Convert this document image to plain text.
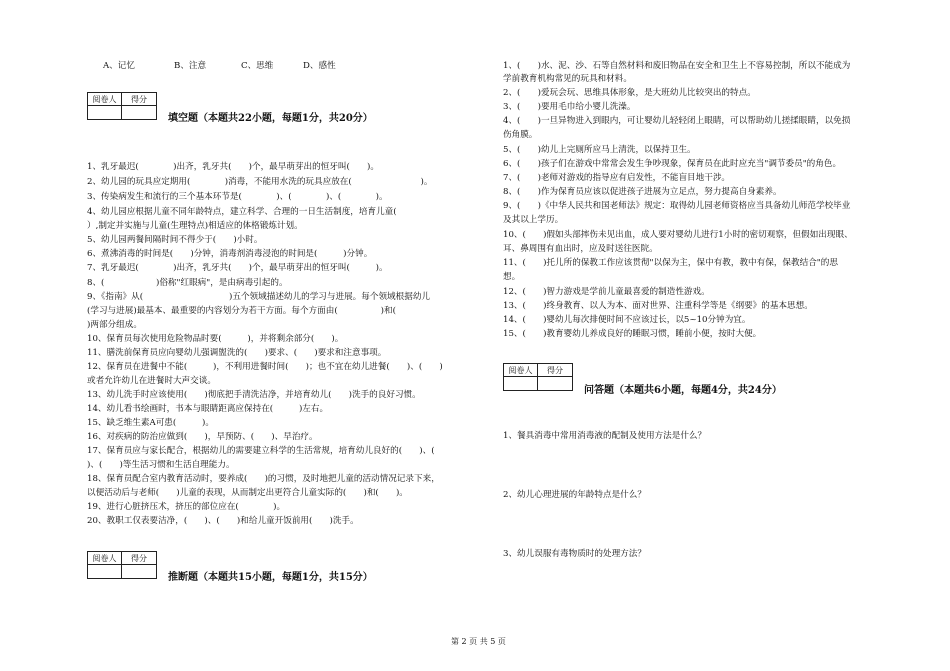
A、记忆	B、注意	C、思维	D、感性
阅卷人	得分
填空题（本题共22小题，每题1分，共20分）
1、乳牙最迟(　　　　)出齐，乳牙共(　　)个，最早萌芽出的恒牙叫(　　)。
2、幼儿园的玩具应定期用(　　　　)消毒，不能用水洗的玩具应放在(　　　　　　　　)。
3、传染病发生和流行的三个基本环节是(　　　　)、(　　　　)、(　　　　)。
4、幼儿园应根据儿童不同年龄特点，建立科学、合理的一日生活制度，培育儿童(　　　
）,制定并实施与儿童(生理特点)相适应的体格锻炼计划。
5、幼儿园两餐间隔时间不得少于(　　)小时。
6、煮沸消毒的时间是(　　)分钟，消毒剂消毒浸泡的时间是(　　　)分钟。
7、乳牙最迟(　　　　)出齐，乳牙共(　　)个，最早萌芽出的恒牙叫(　　　)。
8、(　　　　　　)俗称"红眼病"，是由病毒引起的。
9、《指南》从(　　　　　　　　　　)五个领域描述幼儿的学习与进展。每个领域根据幼儿
(学习与进展)最基本、最重要的内容划分为若干方面。每个方面由(　　　　　)和(
)两部分组成。
10、保育员每次使用危险物品时要(　　　)，并将剩余部分(　　)。
11、膳洗前保育员应向婴幼儿强调盥洗的(　　)要求、(　　)要求和注意事项。
12、保育员在进餐中不能(　　　)，不利用进餐时间(　　)；也不宜在幼儿进餐(　　)、(　　)
或者允许幼儿在进餐时大声交谈。
13、幼儿洗手时应该使用(　　)彻底把手清洗洁净，并培育幼儿(　　)洗手的良好习惯。
14、幼儿看书绘画时，书本与眼睛距离应保持在(　　　)左右。
15、缺乏维生素A可患(　　　)。
16、对疾病的防治应做到(　　)，早预防、(　　)、早治疗。
17、保育员应与家长配合，根据幼儿的需要建立科学的生活常规，培育幼儿良好的(　　)、(
)、(　　)等生活习惯和生活自理能力。
18、保育员配合室内教育活动时，要养成(　　)的习惯，及时地把儿童的活动情况记录下来，
以便活动后与老师(　　)儿童的表现，从而制定出更符合儿童实际的(　　)和(　　)。
19、进行心脏挤压术，挤压的部位应在(　　　　)。
20、教职工仅表要洁净，(　　)、(　　)和给儿童开饭前用(　　)洗手。
阅卷人	得分
推断题（本题共15小题，每题1分，共15分）
1、(　　)水、泥、沙、石等自然材料和废旧物品在安全和卫生上不容易控制，所以不能成为
学前教育机构常见的玩具和材料。
2、(　　)爱玩会玩、思维具体形象，是大班幼儿比较突出的特点。
3、(　　)要用毛巾给小婴儿洗澡。
4、(　　)一旦异物进入到眼内，可让婴幼儿轻轻闭上眼睛，可以帮助幼儿搓揉眼睛，以免损
伤角膜。
5、(　　)幼儿上完厕所应马上清洗，以保持卫生。
6、(　　)孩子们在游戏中常常会发生争吵现象，保育员在此时应充当"调节委员"的角色。
7、(　　)老师对游戏的指导应有启发性，不能盲目地干涉。
8、(　　)作为保育员应该以促进孩子进展为立足点，努力提高自身素养。
9、(　　)《中华人民共和国老师法》规定：取得幼儿园老师资格应当具备幼儿师范学校毕业
及其以上学历。
10、(　　)假如头部摔伤未见出血，成人要对婴幼儿进行1小时的密切观察，但假如出现眼、
耳、鼻周围有血出时，应及时送往医院。
11、(　　)托儿所的保教工作应该贯彻"以保为主，保中有教，教中有保，保教结合"的思
想。
12、(　　)智力游戏是学前儿童最喜爱的制造性游戏。
13、(　　)终身教育、以人为本、面对世界、注重科学等是《纲要》的基本思想。
14、(　　)婴幼儿每次排便时间不应该过长，以5~10分钟为宜。
15、(　　)教育婴幼儿养成良好的睡眠习惯，睡前小便，按时大便。
阅卷人	得分
问答题（本题共6小题，每题4分，共24分）
1、餐具消毒中常用消毒液的配制及使用方法是什么？
2、幼儿心理进展的年龄特点是什么？
3、幼儿误服有毒物质时的处理方法？
第 2 页 共 5 页
